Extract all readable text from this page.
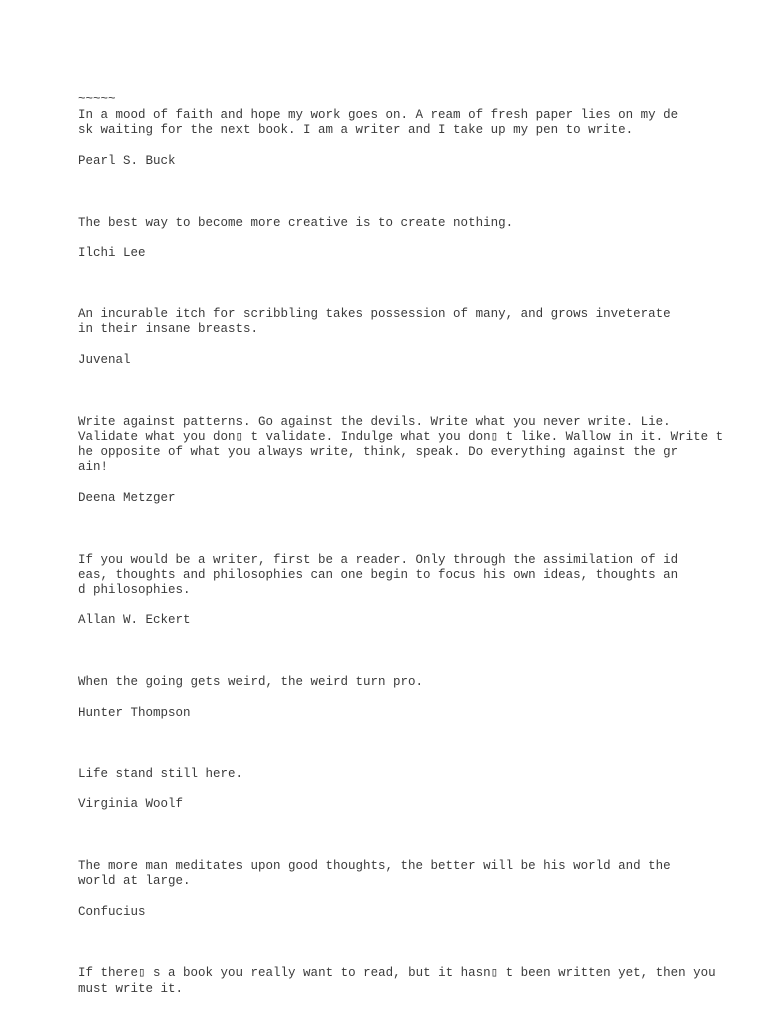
~~~~~

In a mood of faith and hope my work goes on. A ream of fresh paper lies on my de

sk waiting for the next book. I am a writer and I take up my pen to write.

Pearl S. Buck

The best way to become more creative is to create nothing.

Ilchi Lee

An incurable itch for scribbling takes possession of many, and grows inveterate

in their insane breasts.

Juvenal

Write against patterns. Go against the devils. Write what you never write. Lie.

Validate what you don▯ t validate. Indulge what you don▯ t like. Wallow in it. Write t

he opposite of what you always write, think, speak. Do everything against the gr

ain!

Deena Metzger

If you would be a writer, first be a reader. Only through the assimilation of id

eas, thoughts and philosophies can one begin to focus his own ideas, thoughts an

d philosophies.

Allan W. Eckert

When the going gets weird, the weird turn pro.

Hunter Thompson

Life stand still here.

Virginia Woolf

The more man meditates upon good thoughts, the better will be his world and the

world at large.

Confucius

If there▯ s a book you really want to read, but it hasn▯ t been written yet, then you

must write it.
